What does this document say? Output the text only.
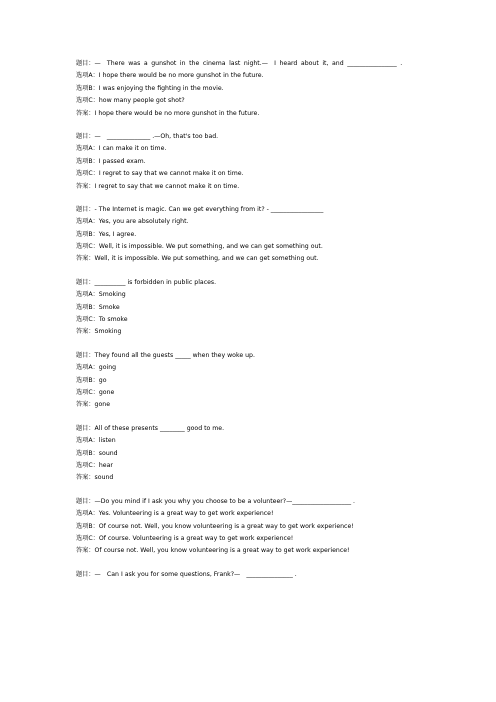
题目：—　There was a gunshot in the cinema last night.—　I heard about it, and ________________ .
选项A：I hope there would be no more gunshot in the future.
选项B：I was enjoying the fighting in the movie.
选项C：how many people got shot?
答案：I hope there would be no more gunshot in the future.
题目：—　______________ .—Oh, that's too bad.
选项A：I can make it on time.
选项B：I passed exam.
选项C：I regret to say that we cannot make it on time.
答案：I regret to say that we cannot make it on time.
题目：- The Internet is magic. Can we get everything from it? - _________________
选项A：Yes, you are absolutely right.
选项B：Yes, I agree.
选项C：Well, it is impossible. We put something, and we can get something out.
答案：Well, it is impossible. We put something, and we can get something out.
题目：__________ is forbidden in public places.
选项A：Smoking
选项B：Smoke
选项C：To smoke
答案：Smoking
题目：They found all the guests _____ when they woke up.
选项A：going
选项B：go
选项C：gone
答案：gone
题目：All of these presents ________ good to me.
选项A：listen
选项B：sound
选项C：hear
答案：sound
题目：—Do you mind if I ask you why you choose to be a volunteer?—___________________ .
选项A：Yes. Volunteering is a great way to get work experience!
选项B：Of course not. Well, you know volunteering is a great way to get work experience!
选项C：Of course. Volunteering is a great way to get work experience!
答案：Of course not. Well, you know volunteering is a great way to get work experience!
题目：—　Can I ask you for some questions, Frank?—　_______________ .
